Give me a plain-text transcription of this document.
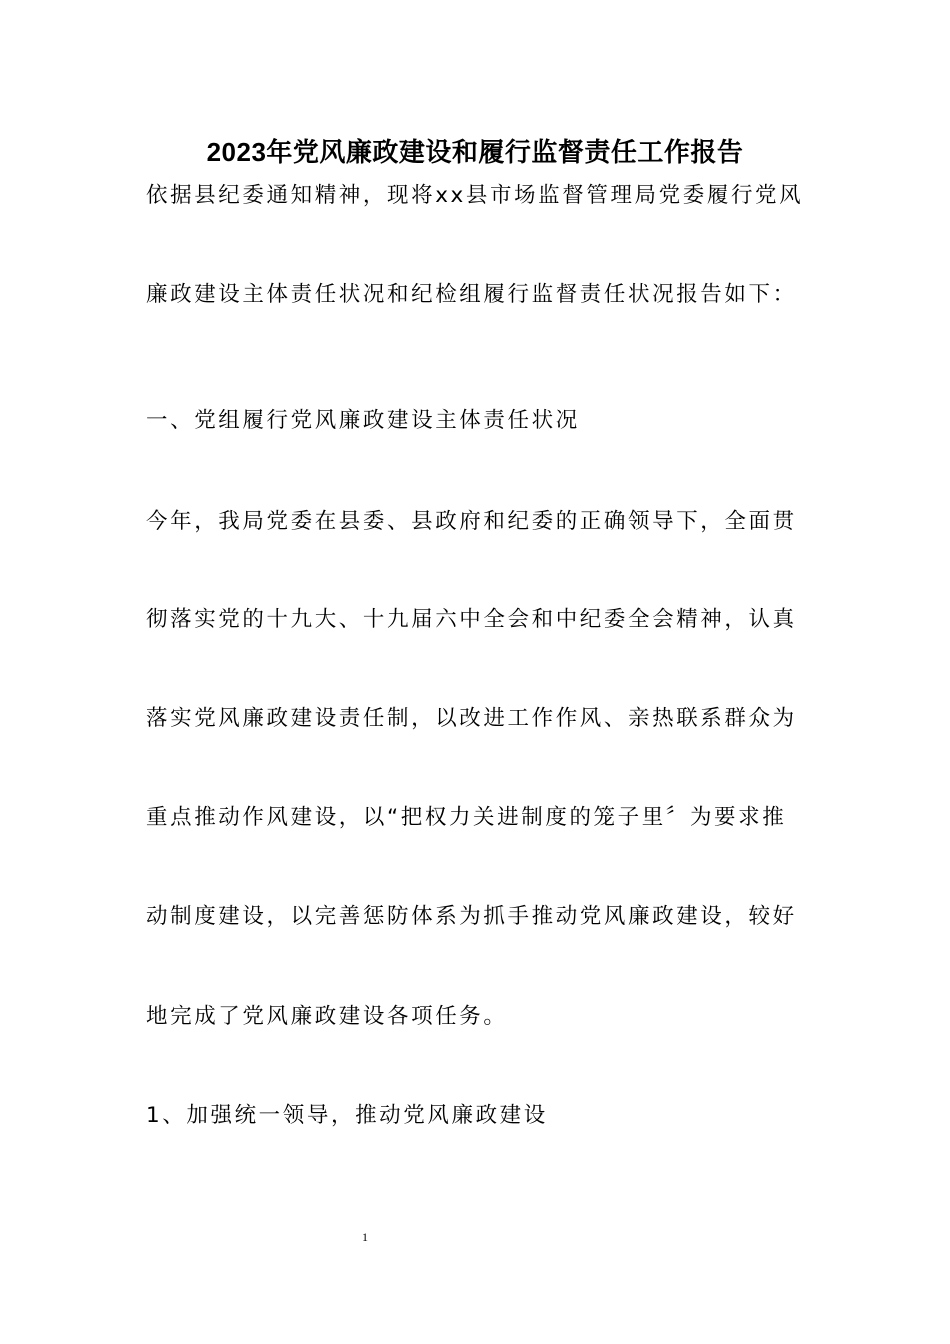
2023年党风廉政建设和履行监督责任工作报告
依据县纪委通知精神，现将xx县市场监督管理局党委履行党风
廉政建设主体责任状况和纪检组履行监督责任状况报告如下：
一、党组履行党风廉政建设主体责任状况
今年，我局党委在县委、县政府和纪委的正确领导下，全面贯
彻落实党的十九大、十九届六中全会和中纪委全会精神，认真
落实党风廉政建设责任制，以改进工作作风、亲热联系群众为
重点推动作风建设，以“把权力关进制度的笼子里〞为要求推
动制度建设，以完善惩防体系为抓手推动党风廉政建设，较好
地完成了党风廉政建设各项任务。
1、加强统一领导，推动党风廉政建设
1
